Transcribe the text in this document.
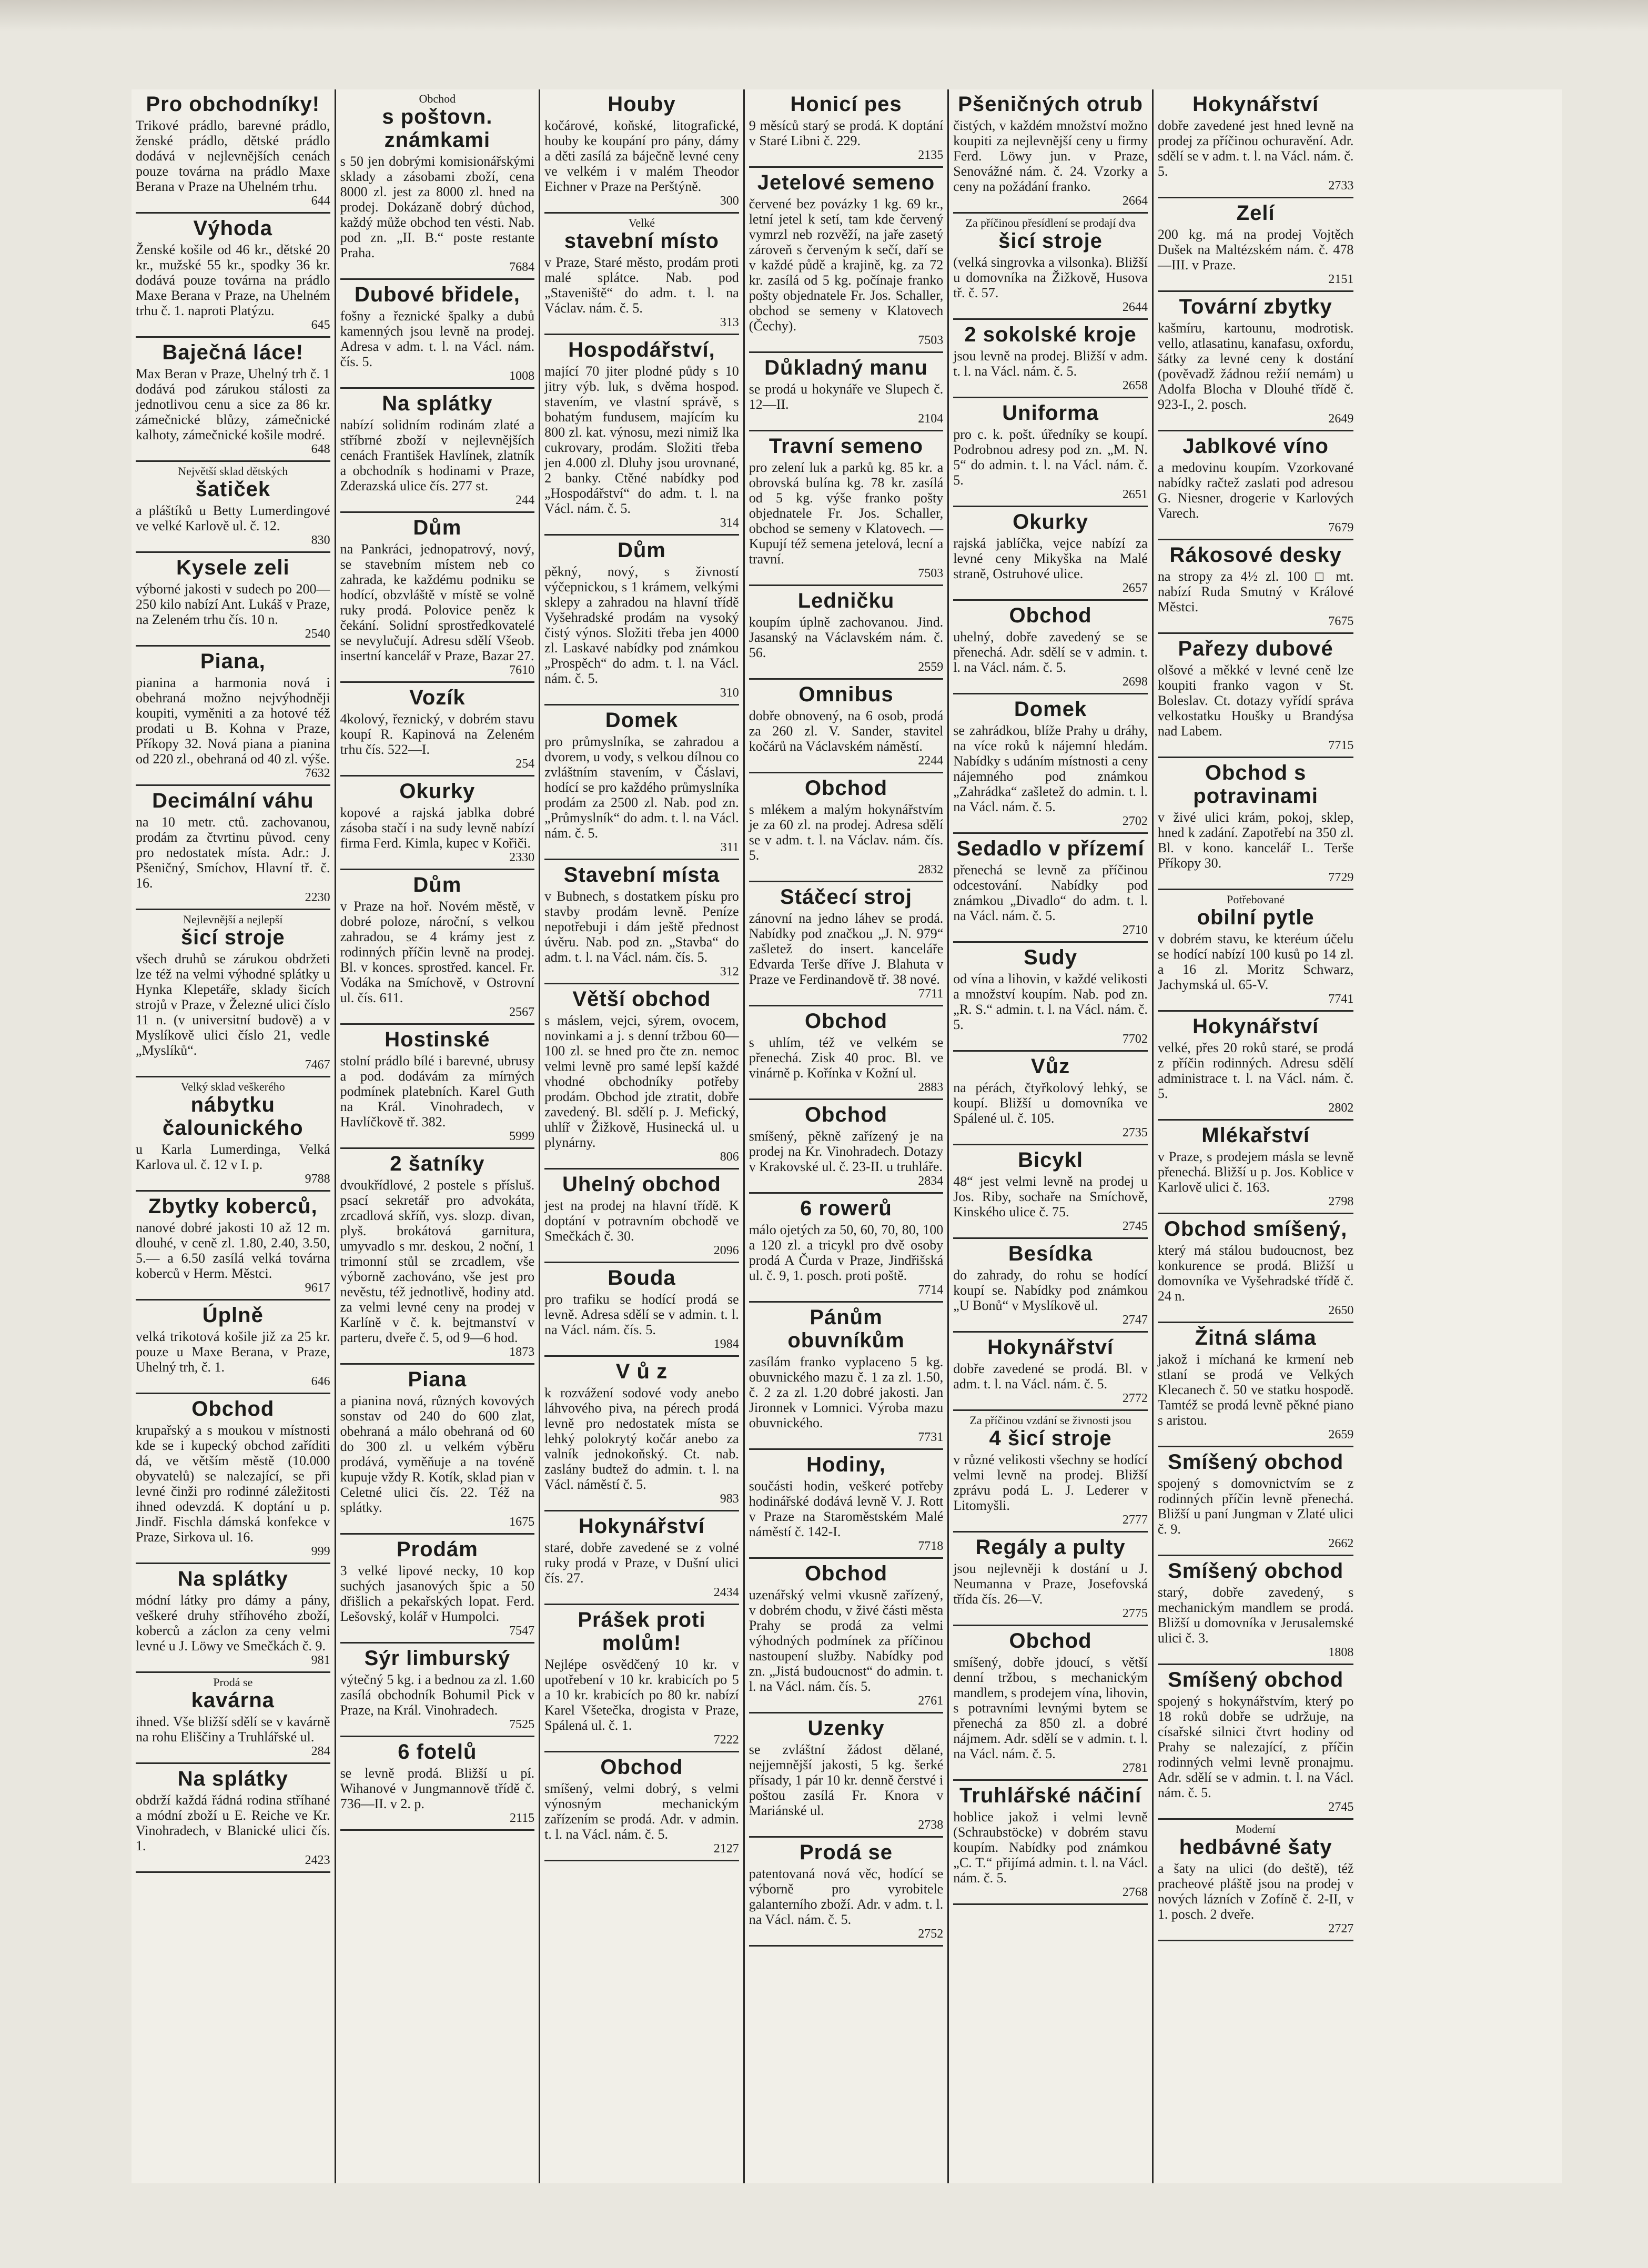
Pro obchodníky!

Trikové prádlo, barevné prádlo, ženské prádlo, dětské prádlo dodává v nejlevnějších cenách pouze továrna na prádlo Maxe Berana v Praze na Uhelném trhu.

644
Výhoda

Ženské košile od 46 kr., dětské 20 kr., mužské 55 kr., spodky 36 kr. dodává pouze továrna na prádlo Maxe Berana v Praze, na Uhelném trhu č. 1. naproti Platýzu.

645
Baječná láce!

Max Beran v Praze, Uhelný trh č. 1 dodává pod zárukou stálosti za jednotlivou cenu a sice za 86 kr. zámečnické blůzy, zámečnické kalhoty, zámečnické košile modré.

648
Největší sklad dětských
šatiček

a pláštíků u Betty Lumerdingové ve velké Karlově ul. č. 12.

830
Kysele zeli

výborné jakosti v sudech po 200—250 kilo nabízí Ant. Lukáš v Praze, na Zeleném trhu čís. 10 n.

2540
Piana,

pianina a harmonia nová i obehraná možno nejvýhodněji koupiti, vyměniti a za hotové též prodati u B. Kohna v Praze, Příkopy 32. Nová piana a pianina od 220 zl., obehraná od 40 zl. výše.

7632
Decimální váhu

na 10 metr. ctů. zachovanou, prodám za čtvrtinu původ. ceny pro nedostatek místa. Adr.: J. Pšeničný, Smíchov, Hlavní tř. č. 16.

2230
Nejlevnější a nejlepší
šicí stroje

všech druhů se zárukou obdržeti lze též na velmi výhodné splátky u Hynka Klepetáře, sklady šicích strojů v Praze, v Železné ulici číslo 11 n. (v universitní budově) a v Myslíkově ulici číslo 21, vedle „Myslíků“.

7467
Velký sklad veškerého
nábytku čalounického

u Karla Lumerdinga, Velká Karlova ul. č. 12 v I. p.

9788
Zbytky koberců,

nanové dobré jakosti 10 až 12 m. dlouhé, v ceně zl. 1.80, 2.40, 3.50, 5.— a 6.50 zasílá velká továrna koberců v Herm. Městci.

9617
Úplně

velká trikotová košile již za 25 kr. pouze u Maxe Berana, v Praze, Uhelný trh, č. 1.

646
Obchod

krupařský a s moukou v místnosti kde se i kupecký obchod zaříditi dá, ve větším městě (10.000 obyvatelů) se nalezající, se při levné činži pro rodinné záležitosti ihned odevzdá. K doptání u p. Jindř. Fischla dámská konfekce v Praze, Sirkova ul. 16.

999
Na splátky

módní látky pro dámy a pány, veškeré druhy stříhového zboží, koberců a záclon za ceny velmi levné u J. Löwy ve Smečkách č. 9.

981
Prodá se
kavárna

ihned. Vše bližší sdělí se v kavárně na rohu Eliščiny a Truhlářské ul.

284
Na splátky

obdrží každá řádná rodina stříhané a módní zboží u E. Reiche ve Kr. Vinohradech, v Blanické ulici čís. 1.

2423
Obchod
s poštovn. známkami

s 50 jen dobrými komisionářskými sklady a zásobami zboží, cena 8000 zl. jest za 8000 zl. hned na prodej. Dokázaně dobrý důchod, každý může obchod ten vésti. Nab. pod zn. „II. B.“ poste restante Praha.

7684
Dubové břidele,

fošny a řeznické špalky a dubů kamenných jsou levně na prodej. Adresa v adm. t. l. na Václ. nám. čís. 5.

1008
Na splátky

nabízí solidním rodinám zlaté a stříbrné zboží v nejlevnějších cenách František Havlínek, zlatník a obchodník s hodinami v Praze, Zderazská ulice čís. 277 st.

244
Dům

na Pankráci, jednopatrový, nový, se stavebním místem neb co zahrada, ke každému podniku se hodící, obzvláště v místě se volně ruky prodá. Polovice peněz k čekání. Solidní sprostředkovatelé se nevylučují. Adresu sdělí Všeob. insertní kancelář v Praze, Bazar 27.

7610
Vozík

4kolový, řeznický, v dobrém stavu koupí R. Kapinová na Zeleném trhu čís. 522—I.

254
Okurky

kopové a rajská jablka dobré zásoba stačí i na sudy levně nabízí firma Ferd. Kimla, kupec v Kořiči.

2330
Dům

v Praze na hoř. Novém městě, v dobré poloze, nároční, s velkou zahradou, se 4 krámy jest z rodinných příčin levně na prodej. Bl. v konces. sprostřed. kancel. Fr. Vodáka na Smíchově, v Ostrovní ul. čís. 611.

2567
Hostinské

stolní prádlo bílé i barevné, ubrusy a pod. dodávám za mírných podmínek platebních. Karel Guth na Král. Vinohradech, v Havlíčkově tř. 382.

5999
2 šatníky

dvoukřídlové, 2 postele s přísluš. psací sekretář pro advokáta, zrcadlová skříň, vys. slozp. divan, plyš. brokátová garnitura, umyvadlo s mr. deskou, 2 noční, 1 trimonní stůl se zrcadlem, vše výborně zachováno, vše jest pro nevěstu, též jednotlivě, hodiny atd. za velmi levné ceny na prodej v Karlíně v č. k. bejtmanství v parteru, dveře č. 5, od 9—6 hod.

1873
Piana

a pianina nová, různých kovových sonstav od 240 do 600 zlat, obehraná a málo obehraná od 60 do 300 zl. u velkém výběru prodává, vyměňuje a na tovéně kupuje vždy R. Kotík, sklad pian v Celetné ulici čís. 22. Též na splátky.

1675
Prodám

3 velké lipové necky, 10 kop suchých jasanových špic a 50 dřišlich a pekařských lopat. Ferd. Lešovský, kolář v Humpolci.

7547
Sýr limburský

výtečný 5 kg. i a bednou za zl. 1.60 zasílá obchodník Bohumil Pick v Praze, na Král. Vinohradech.

7525
6 fotelů

se levně prodá. Bližší u pí. Wihanové v Jungmannově třídě č. 736—II. v 2. p.

2115
Houby

kočárové, koňské, litografické, houby ke koupání pro pány, dámy a děti zasílá za báječně levné ceny ve velkém i v malém Theodor Eichner v Praze na Perštýně.

300
Velké
stavební místo

v Praze, Staré město, prodám proti malé splátce. Nab. pod „Staveniště“ do adm. t. l. na Václav. nám. č. 5.

313
Hospodářství,

mající 70 jiter plodné půdy s 10 jitry výb. luk, s dvěma hospod. stavením, ve vlastní správě, s bohatým fundusem, majícím ku 800 zl. kat. výnosu, mezi nimiž lka cukrovary, prodám. Složiti třeba jen 4.000 zl. Dluhy jsou urovnané, 2 banky. Ctěné nabídky pod „Hospodářství“ do adm. t. l. na Václ. nám. č. 5.

314
Dům

pěkný, nový, s živností výčepnickou, s 1 krámem, velkými sklepy a zahradou na hlavní třídě Vyšehradské prodám na vysoký čistý výnos. Složiti třeba jen 4000 zl. Laskavé nabídky pod známkou „Prospěch“ do adm. t. l. na Václ. nám. č. 5.

310
Domek

pro průmyslníka, se zahradou a dvorem, u vody, s velkou dílnou co zvláštním stavením, v Čáslavi, hodící se pro každého průmyslníka prodám za 2500 zl. Nab. pod zn. „Průmyslník“ do adm. t. l. na Václ. nám. č. 5.

311
Stavební místa

v Bubnech, s dostatkem písku pro stavby prodám levně. Peníze nepotřebuji i dám ještě přednost úvěru. Nab. pod zn. „Stavba“ do adm. t. l. na Václ. nám. čís. 5.

312
Větší obchod

s máslem, vejci, sýrem, ovocem, novinkami a j. s denní tržbou 60—100 zl. se hned pro čte zn. nemoc velmi levně pro samé lepší každé vhodné obchodníky potřeby prodám. Obchod jde ztratit, dobře zavedený. Bl. sdělí p. J. Mefický, uhlíř v Žižkově, Husinecká ul. u plynárny.

806
Uhelný obchod

jest na prodej na hlavní třídě. K doptání v potravním obchodě ve Smečkách č. 30.

2096
Bouda

pro trafiku se hodící prodá se levně. Adresa sdělí se v admin. t. l. na Václ. nám. čís. 5.

1984
V ů z

k rozvážení sodové vody anebo láhvového piva, na pérech prodá levně pro nedostatek místa se lehký polokrytý kočár anebo za valník jednokoňský. Ct. nab. zaslány budtež do admin. t. l. na Václ. náměstí č. 5.

983
Hokynářství

staré, dobře zavedené se z volné ruky prodá v Praze, v Dušní ulici čís. 27.

2434
Prášek proti molům!

Nejlépe osvědčený 10 kr. v upotřebení v 10 kr. krabicích po 5 a 10 kr. krabicích po 80 kr. nabízí Karel Všetečka, drogista v Praze, Spálená ul. č. 1.

7222
Obchod

smíšený, velmi dobrý, s velmi výnosným mechanickým zařízením se prodá. Adr. v admin. t. l. na Václ. nám. č. 5.

2127
Honicí pes

9 měsíců starý se prodá. K doptání v Staré Libni č. 229.

2135
Jetelové semeno

červené bez povázky 1 kg. 69 kr., letní jetel k setí, tam kde červený vymrzl neb rozvěží, na jaře zasetý zároveň s červeným k sečí, daří se v každé půdě a krajině, kg. za 72 kr. zasílá od 5 kg. počínaje franko pošty objednatele Fr. Jos. Schaller, obchod se semeny v Klatovech (Čechy).

7503
Důkladný manu

se prodá u hokynáře ve Slupech č. 12—II.

2104
Travní semeno

pro zelení luk a parků kg. 85 kr. a obrovská bulína kg. 78 kr. zasílá od 5 kg. výše franko pošty objednatele Fr. Jos. Schaller, obchod se semeny v Klatovech. — Kupují též semena jetelová, lecní a travní.

7503
Ledničku

koupím úplně zachovanou. Jind. Jasanský na Václavském nám. č. 56.

2559
Omnibus

dobře obnovený, na 6 osob, prodá za 260 zl. V. Sander, stavitel kočárů na Václavském náměstí.

2244
Obchod

s mlékem a malým hokynářstvím je za 60 zl. na prodej. Adresa sdělí se v adm. t. l. na Václav. nám. čís. 5.

2832
Stáčecí stroj

zánovní na jedno láhev se prodá. Nabídky pod značkou „J. N. 979“ zašletež do insert. kanceláře Edvarda Terše dříve J. Blahuta v Praze ve Ferdinandově tř. 38 nové.

7711
Obchod

s uhlím, též ve velkém se přenechá. Zisk 40 proc. Bl. ve vinárně p. Kořínka v Kožní ul.

2883
Obchod

smíšený, pěkně zařízený je na prodej na Kr. Vinohradech. Dotazy v Krakovské ul. č. 23-II. u truhláře.

2834
6 rowerů

málo ojetých za 50, 60, 70, 80, 100 a 120 zl. a tricykl pro dvě osoby prodá A Čurda v Praze, Jindřišská ul. č. 9, 1. posch. proti poště.

7714
Pánům obuvníkům

zasílám franko vyplaceno 5 kg. obuvnického mazu č. 1 za zl. 1.50, č. 2 za zl. 1.20 dobré jakosti. Jan Jironnek v Lomnici. Výroba mazu obuvnického.

7731
Hodiny,

součásti hodin, veškeré potřeby hodinářské dodává levně V. J. Rott v Praze na Staroměstském Malé náměstí č. 142-I.

7718
Obchod

uzenářský velmi vkusně zařízený, v dobrém chodu, v živé části města Prahy se prodá za velmi výhodných podmínek za příčinou nastoupení služby. Nabídky pod zn. „Jistá budoucnost“ do admin. t. l. na Václ. nám. čís. 5.

2761
Uzenky

se zvláštní žádost dělané, nejjemnější jakosti, 5 kg. šerké přísady, 1 pár 10 kr. denně čerstvé i poštou zasílá Fr. Knora v Mariánské ul.

2738
Prodá se

patentovaná nová věc, hodící se výborně pro vyrobitele galanterního zboží. Adr. v adm. t. l. na Václ. nám. č. 5.

2752
Pšeničných otrub

čistých, v každém množství možno koupiti za nejlevnější ceny u firmy Ferd. Löwy jun. v Praze, Senovážné nám. č. 24. Vzorky a ceny na požádání franko.

2664
Za příčinou přesídlení se prodají dva
šicí stroje

(velká singrovka a vilsonka). Bližší u domovníka na Žižkově, Husova tř. č. 57.

2644
2 sokolské kroje

jsou levně na prodej. Bližší v adm. t. l. na Václ. nám. č. 5.

2658
Uniforma

pro c. k. pošt. úředníky se koupí. Podrobnou adresy pod zn. „M. N. 5“ do admin. t. l. na Václ. nám. č. 5.

2651
Okurky

rajská jablíčka, vejce nabízí za levné ceny Mikyška na Malé straně, Ostruhové ulice.

2657
Obchod

uhelný, dobře zavedený se se přenechá. Adr. sdělí se v admin. t. l. na Václ. nám. č. 5.

2698
Domek

se zahrádkou, blíže Prahy u dráhy, na více roků k nájemní hledám. Nabídky s udáním místnosti a ceny nájemného pod známkou „Zahrádka“ zašletež do admin. t. l. na Václ. nám. č. 5.

2702
Sedadlo v přízemí

přenechá se levně za příčinou odcestování. Nabídky pod známkou „Divadlo“ do adm. t. l. na Václ. nám. č. 5.

2710
Sudy

od vína a lihovin, v každé velikosti a množství koupím. Nab. pod zn. „R. S.“ admin. t. l. na Václ. nám. č. 5.

7702
Vůz

na pérách, čtyřkolový lehký, se koupí. Bližší u domovníka ve Spálené ul. č. 105.

2735
Bicykl

48“ jest velmi levně na prodej u Jos. Riby, sochaře na Smíchově, Kinského ulice č. 75.

2745
Besídka

do zahrady, do rohu se hodící koupí se. Nabídky pod známkou „U Bonů“ v Myslíkově ul.

2747
Hokynářství

dobře zavedené se prodá. Bl. v adm. t. l. na Václ. nám. č. 5.

2772
Za příčinou vzdání se živnosti jsou
4 šicí stroje

v různé velikosti všechny se hodící velmi levně na prodej. Bližší zprávu podá L. J. Lederer v Litomyšli.

2777
Regály a pulty

jsou nejlevněji k dostání u J. Neumanna v Praze, Josefovská třída čís. 26—V.

2775
Obchod

smíšený, dobře jdoucí, s větší denní tržbou, s mechanickým mandlem, s prodejem vína, lihovin, s potravními levnými bytem se přenechá za 850 zl. a dobré nájmem. Adr. sdělí se v admin. t. l. na Václ. nám. č. 5.

2781
Truhlářské náčiní

hoblice jakož i velmi levně (Schraubstöcke) v dobrém stavu koupím. Nabídky pod známkou „C. T.“ přijímá admin. t. l. na Václ. nám. č. 5.

2768
Hokynářství

dobře zavedené jest hned levně na prodej za příčinou ochuravění. Adr. sdělí se v adm. t. l. na Václ. nám. č. 5.

2733
Zelí

200 kg. má na prodej Vojtěch Dušek na Maltézském nám. č. 478—III. v Praze.

2151
Tovární zbytky

kašmíru, kartounu, modrotisk. vello, atlasatinu, kanafasu, oxfordu, šátky za levné ceny k dostání (pověvadž žádnou režií nemám) u Adolfa Blocha v Dlouhé třídě č. 923-I., 2. posch.

2649
Jablkové víno

a medovinu koupím. Vzorkované nabídky račtež zaslati pod adresou G. Niesner, drogerie v Karlových Varech.

7679
Rákosové desky

na stropy za 4½ zl. 100 □ mt. nabízí Ruda Smutný v Králové Městci.

7675
Pařezy dubové

olšové a měkké v levné ceně lze koupiti franko vagon v St. Boleslav. Ct. dotazy vyřídí správa velkostatku Houšky u Brandýsa nad Labem.

7715
Obchod s potravinami

v živé ulici krám, pokoj, sklep, hned k zadání. Zapotřebí na 350 zl. Bl. v kono. kancelář L. Terše Příkopy 30.

7729
Potřebované
obilní pytle

v dobrém stavu, ke kteréum účelu se hodící nabízí 100 kusů po 14 zl. a 16 zl. Moritz Schwarz, Jachymská ul. 65-V.

7741
Hokynářství

velké, přes 20 roků staré, se prodá z příčin rodinných. Adresu sdělí administrace t. l. na Václ. nám. č. 5.

2802
Mlékařství

v Praze, s prodejem másla se levně přenechá. Bližší u p. Jos. Koblice v Karlově ulici č. 163.

2798
Obchod smíšený,

který má stálou budoucnost, bez konkurence se prodá. Bližší u domovníka ve Vyšehradské třídě č. 24 n.

2650
Žitná sláma

jakož i míchaná ke krmení neb stlaní se prodá ve Velkých Klecanech č. 50 ve statku hospodě. Tamtéž se prodá levně pěkné piano s aristou.

2659
Smíšený obchod

spojený s domovnictvím se z rodinných příčin levně přenechá. Bližší u paní Jungman v Zlaté ulici č. 9.

2662
Smíšený obchod

starý, dobře zavedený, s mechanickým mandlem se prodá. Bližší u domovníka v Jerusalemské ulici č. 3.

1808
Smíšený obchod

spojený s hokynářstvím, který po 18 roků dobře se udržuje, na císařské silnici čtvrt hodiny od Prahy se nalezající, z příčin rodinných velmi levně pronajmu. Adr. sdělí se v admin. t. l. na Václ. nám. č. 5.

2745
Moderní
hedbávné šaty

a šaty na ulici (do deště), též pracheové pláště jsou na prodej v nových lázních v Zofíně č. 2-II, v 1. posch. 2 dveře.

2727
